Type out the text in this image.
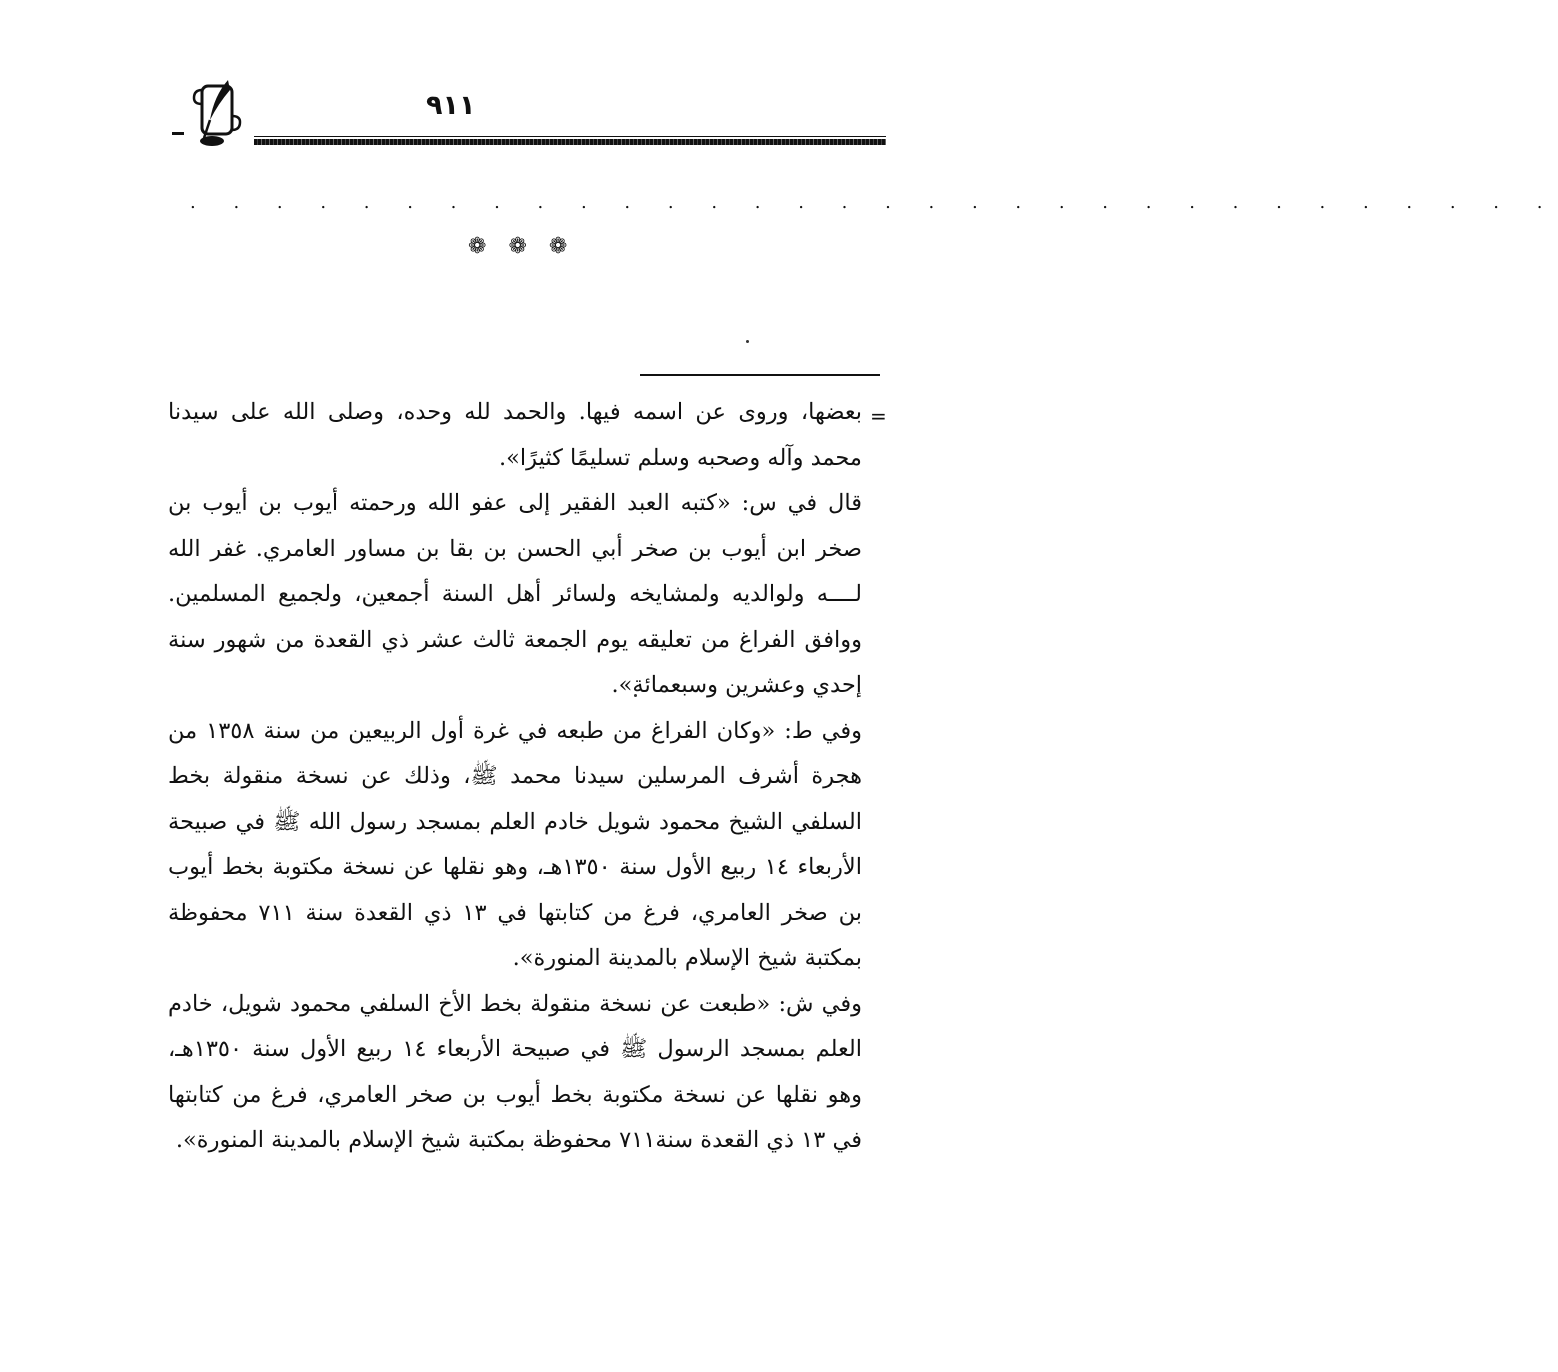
٩١١
. . . . . . . . . . . . . . . . . . . . . . . . . . . . . . . .
❁ ❁ ❁
=

بعضها، وروى عن اسمه فيها. والحمد لله وحده، وصلى الله على سيدنا محمد وآله وصحبه وسلم تسليمًا كثيرًا».

قال في س: «كتبه العبد الفقير إلى عفو الله ورحمته أيوب بن أيوب بن صخر ابن أيوب بن صخر أبي الحسن بن بقا بن مساور العامري. غفر الله لــــه ولوالديه ولمشايخه ولسائر أهل السنة أجمعين، ولجميع المسلمين. ووافق الفراغ من تعليقه يوم الجمعة ثالث عشر ذي القعدة من شهور سنة إحدي وعشرين وسبعمائة».

وفي ط: «وكان الفراغ من طبعه في غرة أول الربيعين من سنة ١٣٥٨ من هجرة أشرف المرسلين سيدنا محمد ﷺ، وذلك عن نسخة منقولة بخط السلفي الشيخ محمود شويل خادم العلم بمسجد رسول الله ﷺ في صبيحة الأربعاء ١٤ ربيع الأول سنة ١٣٥٠هـ، وهو نقلها عن نسخة مكتوبة بخط أيوب بن صخر العامري، فرغ من كتابتها في ١٣ ذي القعدة سنة ٧١١ محفوظة بمكتبة شيخ الإسلام بالمدينة المنورة».

وفي ش: «طبعت عن نسخة منقولة بخط الأخ السلفي محمود شويل، خادم العلم بمسجد الرسول ﷺ في صبيحة الأربعاء ١٤ ربيع الأول سنة ١٣٥٠هـ، وهو نقلها عن نسخة مكتوبة بخط أيوب بن صخر العامري، فرغ من كتابتها في ١٣ ذي القعدة سنة٧١١ محفوظة بمكتبة شيخ الإسلام بالمدينة المنورة».
